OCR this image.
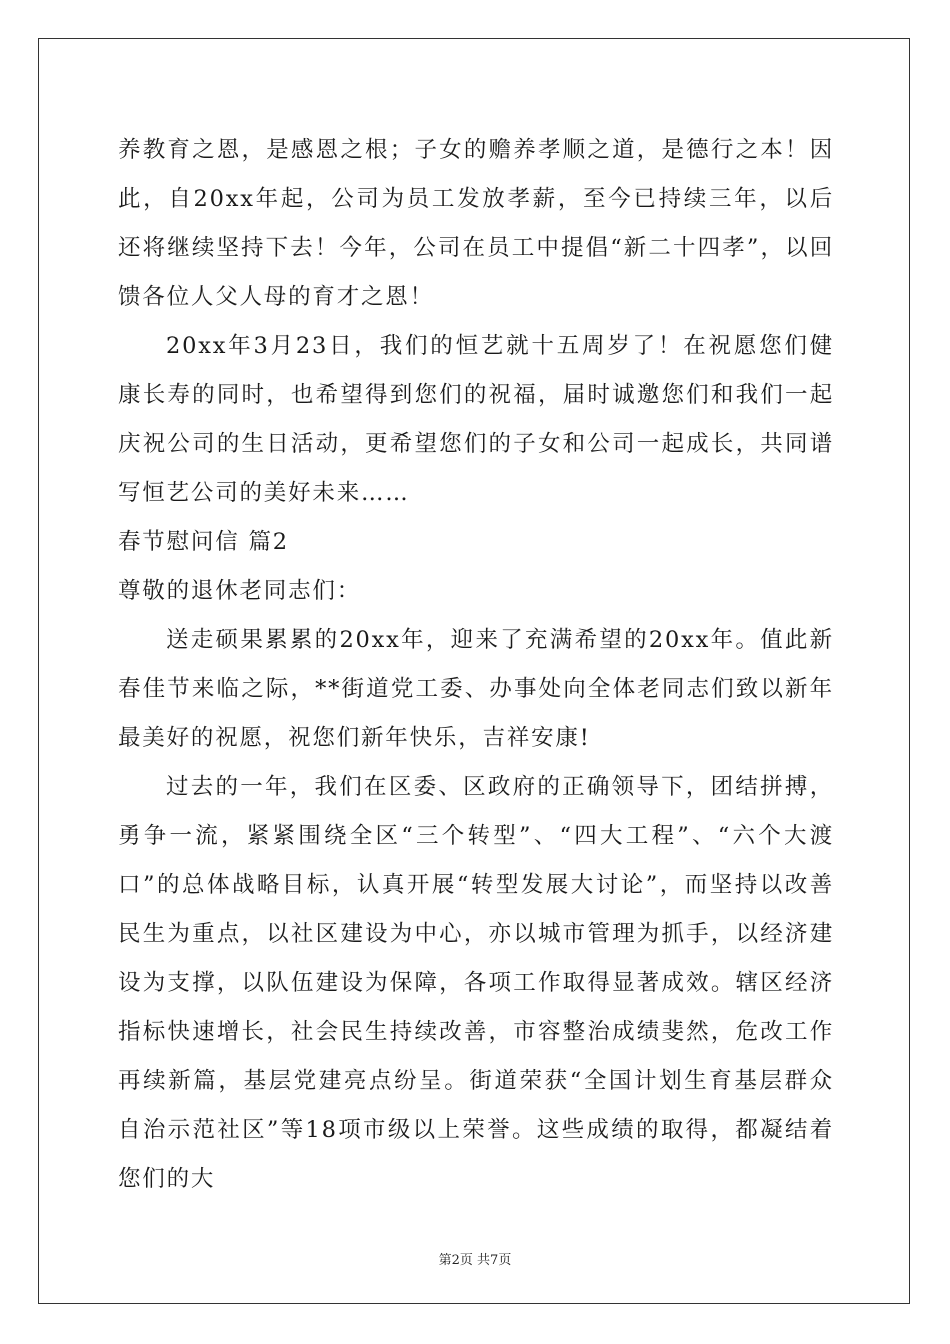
养教育之恩，是感恩之根；子女的赡养孝顺之道，是德行之本！因此，自20xx年起，公司为员工发放孝薪，至今已持续三年，以后还将继续坚持下去！今年，公司在员工中提倡“新二十四孝”，以回馈各位人父人母的育才之恩！

20xx年3月23日，我们的恒艺就十五周岁了！在祝愿您们健康长寿的同时，也希望得到您们的祝福，届时诚邀您们和我们一起庆祝公司的生日活动，更希望您们的子女和公司一起成长，共同谱写恒艺公司的美好未来……

春节慰问信 篇2

尊敬的退休老同志们：

送走硕果累累的20xx年，迎来了充满希望的20xx年。值此新春佳节来临之际，**街道党工委、办事处向全体老同志们致以新年最美好的祝愿，祝您们新年快乐，吉祥安康!

过去的一年，我们在区委、区政府的正确领导下，团结拼搏，勇争一流，紧紧围绕全区“三个转型”、“四大工程”、“六个大渡口”的总体战略目标，认真开展“转型发展大讨论”，而坚持以改善民生为重点，以社区建设为中心，亦以城市管理为抓手，以经济建设为支撑，以队伍建设为保障，各项工作取得显著成效。辖区经济指标快速增长，社会民生持续改善，市容整治成绩斐然，危改工作再续新篇，基层党建亮点纷呈。街道荣获“全国计划生育基层群众自治示范社区”等18项市级以上荣誉。这些成绩的取得，都凝结着您们的大

第2页 共7页
